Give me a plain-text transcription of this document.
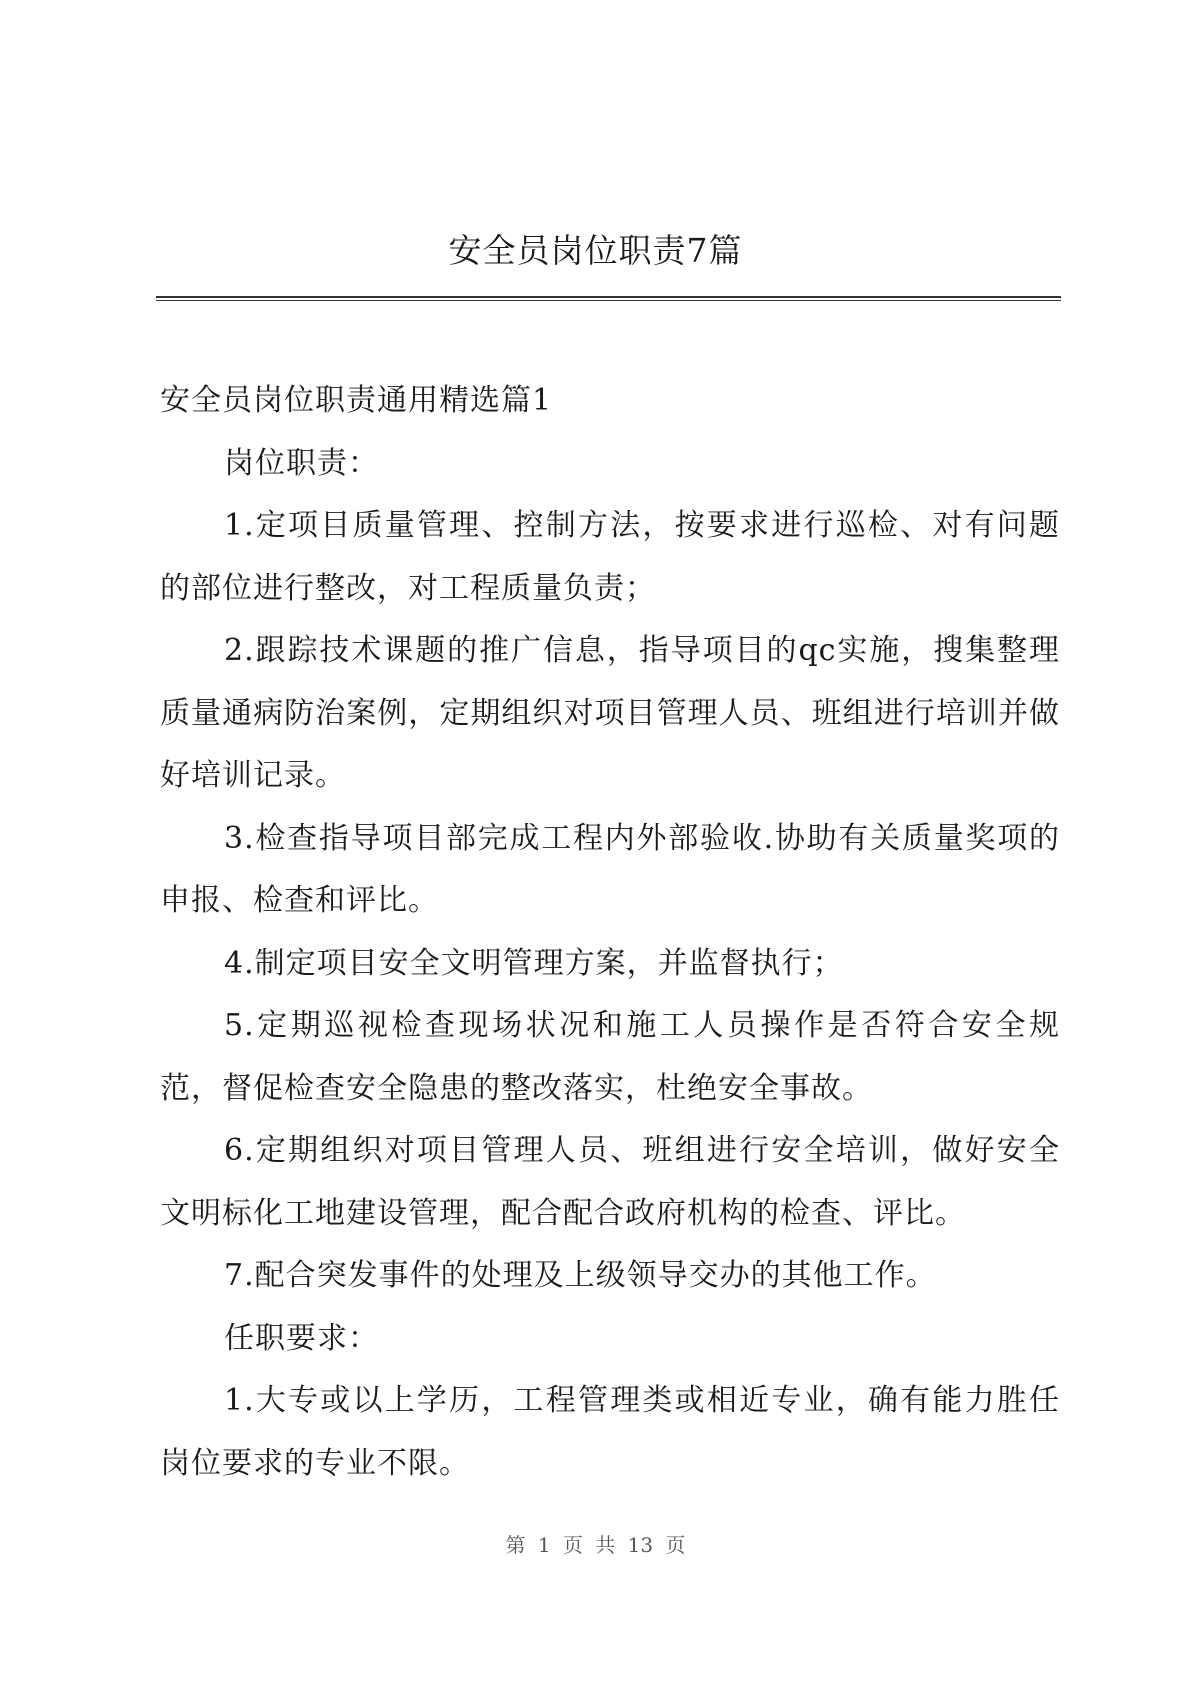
安全员岗位职责7篇

安全员岗位职责通用精选篇1

岗位职责：

1.定项目质量管理、控制方法，按要求进行巡检、对有问题的部位进行整改，对工程质量负责；

2.跟踪技术课题的推广信息，指导项目的qc实施，搜集整理质量通病防治案例，定期组织对项目管理人员、班组进行培训并做好培训记录。

3.检查指导项目部完成工程内外部验收.协助有关质量奖项的申报、检查和评比。

4.制定项目安全文明管理方案，并监督执行；

5.定期巡视检查现场状况和施工人员操作是否符合安全规范，督促检查安全隐患的整改落实，杜绝安全事故。

6.定期组织对项目管理人员、班组进行安全培训，做好安全文明标化工地建设管理，配合配合政府机构的检查、评比。

7.配合突发事件的处理及上级领导交办的其他工作。

任职要求：

1.大专或以上学历，工程管理类或相近专业，确有能力胜任岗位要求的专业不限。

第 1 页 共 13 页
